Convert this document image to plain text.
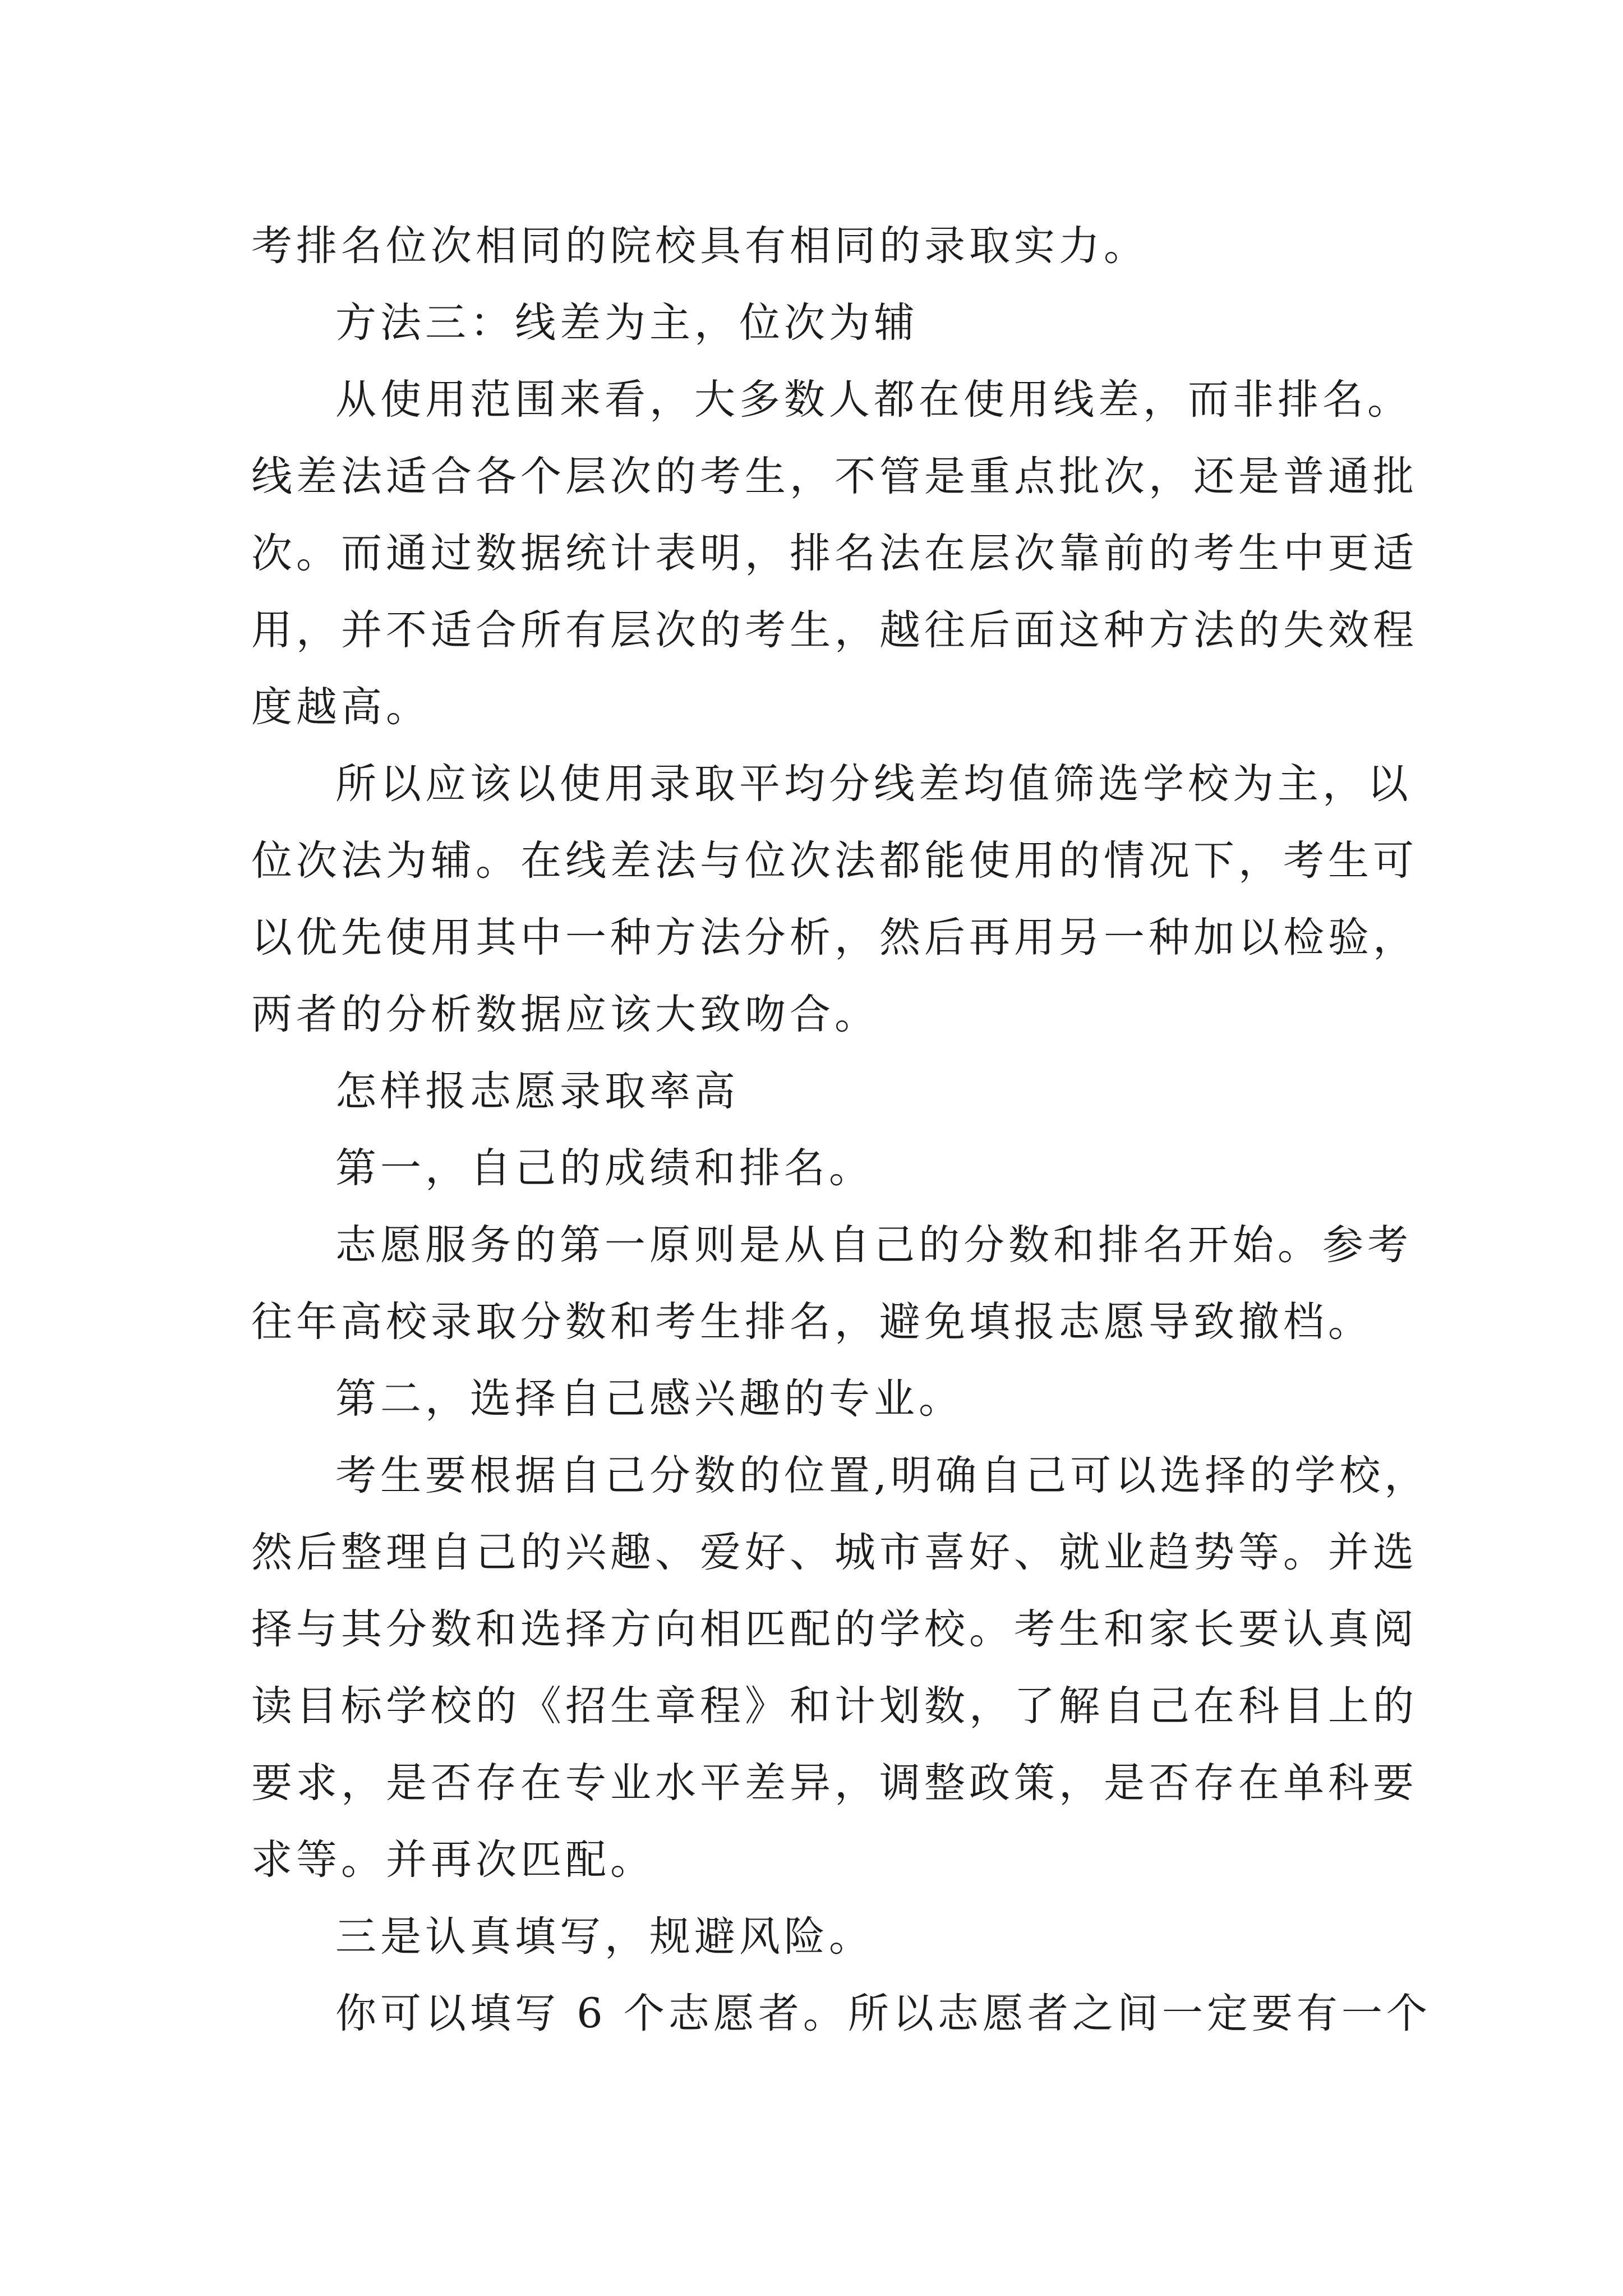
考排名位次相同的院校具有相同的录取实力。
方法三：线差为主，位次为辅
从使用范围来看，大多数人都在使用线差，而非排名。
线差法适合各个层次的考生，不管是重点批次，还是普通批
次。而通过数据统计表明，排名法在层次靠前的考生中更适
用，并不适合所有层次的考生，越往后面这种方法的失效程
度越高。
所以应该以使用录取平均分线差均值筛选学校为主，以
位次法为辅。在线差法与位次法都能使用的情况下，考生可
以优先使用其中一种方法分析，然后再用另一种加以检验，
两者的分析数据应该大致吻合。
怎样报志愿录取率高
第一，自己的成绩和排名。
志愿服务的第一原则是从自己的分数和排名开始。参考
往年高校录取分数和考生排名，避免填报志愿导致撤档。
第二，选择自己感兴趣的专业。
考生要根据自己分数的位置,明确自己可以选择的学校，
然后整理自己的兴趣、爱好、城市喜好、就业趋势等。并选
择与其分数和选择方向相匹配的学校。考生和家长要认真阅
读目标学校的《招生章程》和计划数，了解自己在科目上的
要求，是否存在专业水平差异，调整政策，是否存在单科要
求等。并再次匹配。
三是认真填写，规避风险。
你可以填写 6 个志愿者。所以志愿者之间一定要有一个
